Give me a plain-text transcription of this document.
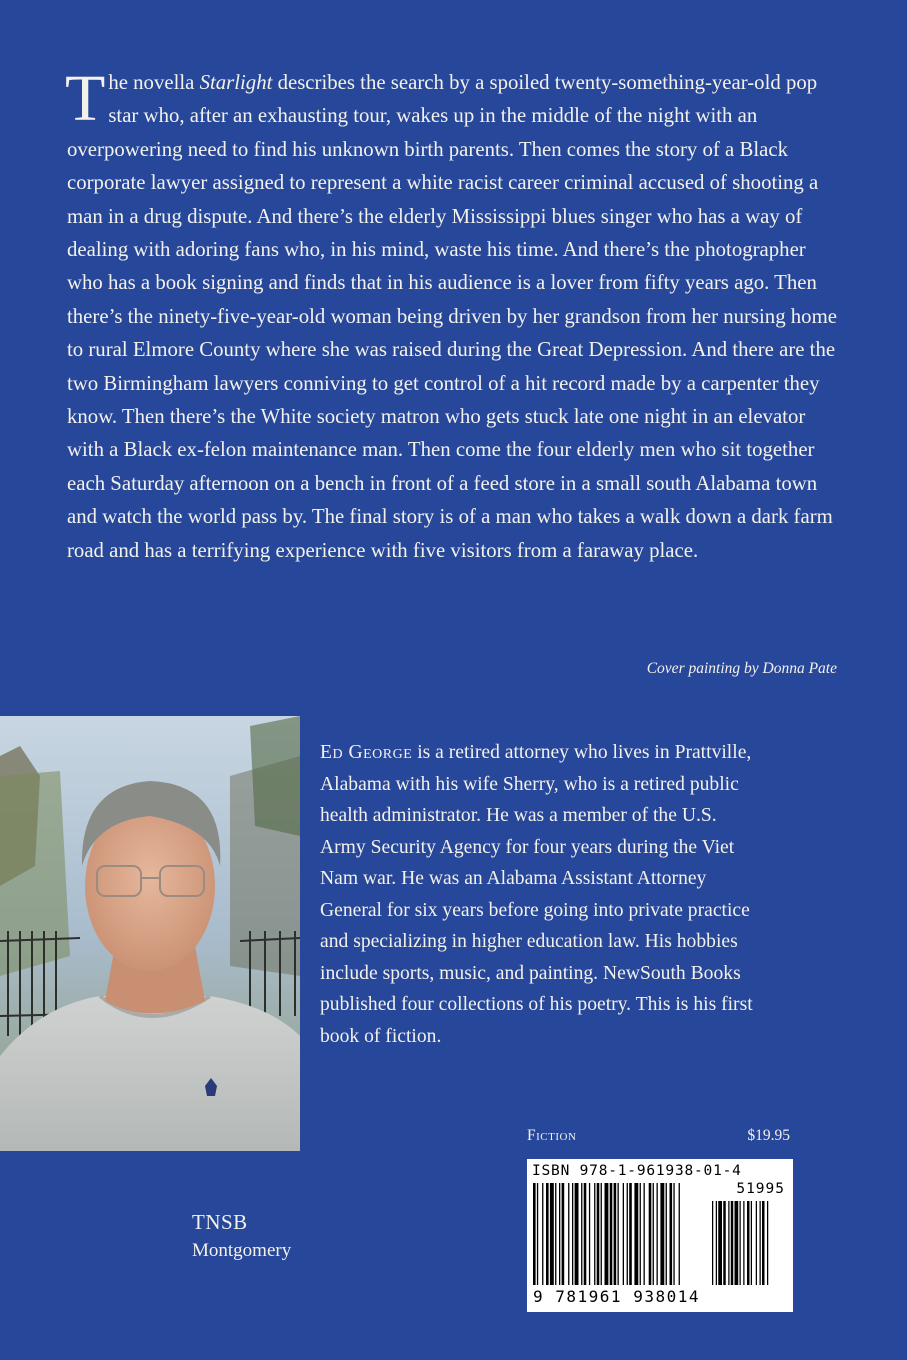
The novella Starlight describes the search by a spoiled twenty-something-year-old pop star who, after an exhausting tour, wakes up in the middle of the night with an overpowering need to find his unknown birth parents. Then comes the story of a Black corporate lawyer assigned to represent a white racist career criminal accused of shooting a man in a drug dispute. And there’s the elderly Mississippi blues singer who has a way of dealing with adoring fans who, in his mind, waste his time. And there’s the photographer who has a book signing and finds that in his audience is a lover from fifty years ago. Then there’s the ninety-five-year-old woman being driven by her grandson from her nursing home to rural Elmore County where she was raised during the Great Depression. And there are the two Birmingham lawyers conniving to get control of a hit record made by a carpenter they know. Then there’s the White society matron who gets stuck late one night in an elevator with a Black ex-felon maintenance man. Then come the four elderly men who sit together each Saturday afternoon on a bench in front of a feed store in a small south Alabama town and watch the world pass by. The final story is of a man who takes a walk down a dark farm road and has a terrifying experience with five visitors from a faraway place.

Cover painting by Donna Pate
Ed George is a retired attorney who lives in Prattville, Alabama with his wife Sherry, who is a retired public health administrator. He was a member of the U.S. Army Security Agency for four years during the Viet Nam war. He was an Alabama Assistant Attorney General for six years before going into private practice and specializing in higher education law. His hobbies include sports, music, and painting. NewSouth Books published four collections of his poetry. This is his first book of fiction.
Fiction	$19.95
ISBN 978-1-961938-01-4
51995
9 781961 938014
TNSB
Montgomery
